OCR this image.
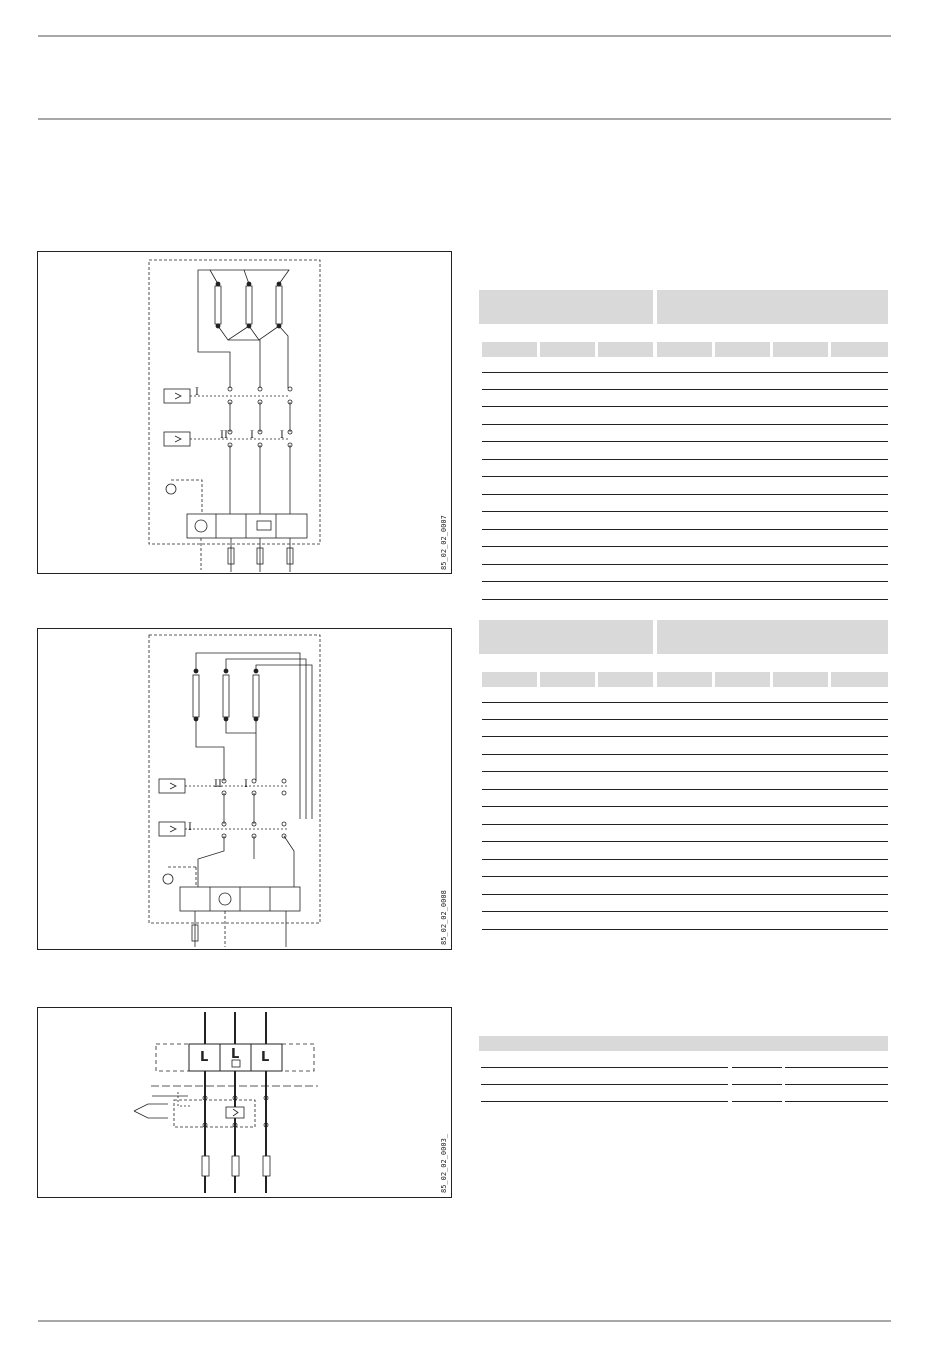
I
II I	I
85_02_02_0007
II I
I
85_02_02_0008
L L L
85_02_02_0003_
